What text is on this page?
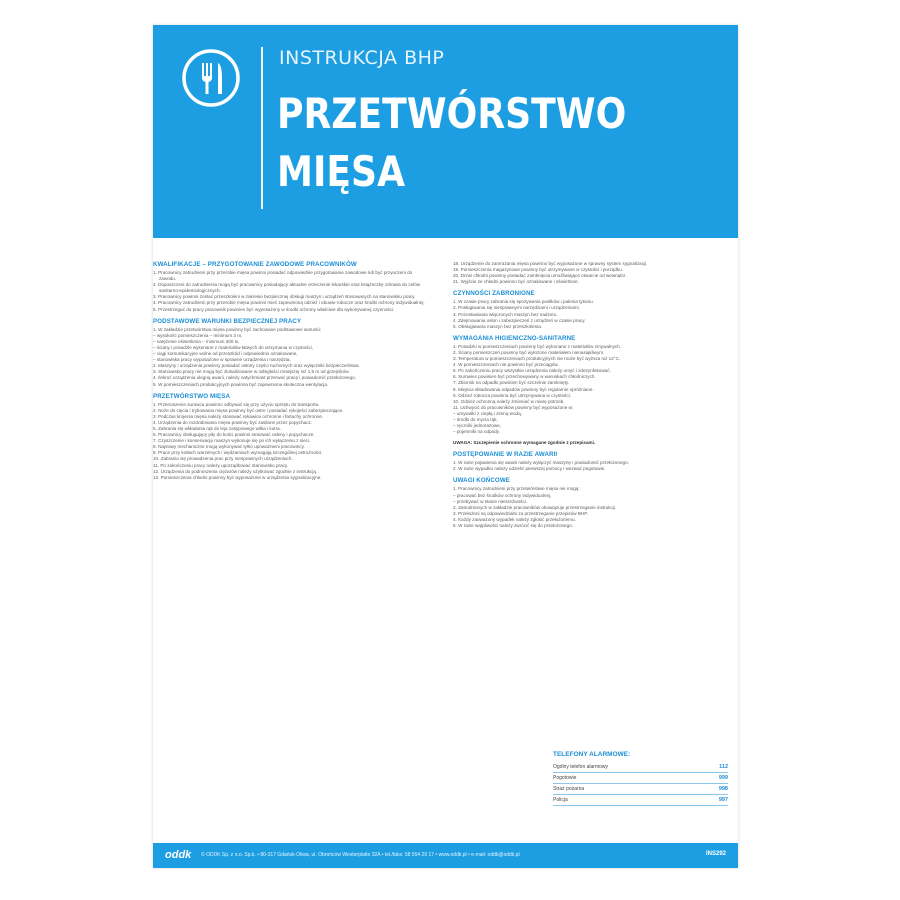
INSTRUKCJA BHP
PRZETWÓRSTWO
MIĘSA
KWALIFIKACJE – PRZYGOTOWANIE ZAWODOWE PRACOWNIKÓW
1. Pracownicy zatrudnieni przy przerobie mięsa powinni posiadać odpowiednie przygotowanie zawodowe lub być przyuczeni do zawodu.
2. Dopuszczeni do zatrudnienia mogą być pracownicy posiadający aktualne orzeczenie lekarskie oraz książeczkę zdrowia do celów sanitarno-epidemiologicznych.
3. Pracownicy powinni zostać przeszkoleni w zakresie bezpiecznej obsługi maszyn i urządzeń stosowanych na stanowisku pracy.
4. Pracownicy zatrudnieni przy przerobie mięsa powinni mieć zapewnioną odzież i obuwie robocze oraz środki ochrony indywidualnej.
5. Przestrzegać do pracy pracownik powinien być wyposażony w środki ochrony właściwe dla wykonywanej czynności.
PODSTAWOWE WARUNKI BEZPIECZNEJ PRACY
1. W zakładzie przetwórstwa mięsa powinny być zachowane podstawowe warunki:
– wysokość pomieszczenia – minimum 3 m,
– natężenie oświetlenia – minimum 300 lx,
– ściany i posadzki wykonane z materiałów łatwych do utrzymania w czystości,
– ciągi komunikacyjne wolne od przeszkód i odpowiednio oznakowane,
– stanowiska pracy wyposażone w sprawne urządzenia i narzędzia.
2. Maszyny i urządzenia powinny posiadać osłony części ruchomych oraz wyłączniki bezpieczeństwa.
3. Stanowisko pracy nie mogą być zlokalizowane w odległości mniejszej niż 1,5 m od grzejników.
4. Ilekroć urządzenia ulegną awarii, należy natychmiast przerwać pracę i powiadomić przełożonego.
5. W pomieszczeniach produkcyjnych powinna być zapewniona skuteczna wentylacja.
PRZETWÓRSTWO MIĘSA
1. Przenoszenie surowca powinno odbywać się przy użyciu sprzętu do transportu.
2. Noże do cięcia i trybowania mięsa powinny być ostre i posiadać rękojeści zabezpieczające.
3. Podczas krojenia mięsa należy stosować rękawice ochronne i fartuchy ochronne.
4. Urządzenia do rozdrabniania mięsa powinny być zasilane przez popychacz.
5. Zabrania się wkładania rąk do leja zasypowego wilka i kutra.
6. Pracownicy obsługujący piły do kości powinni stosować osłony i popychacze.
7. Czyszczenie i konserwację maszyn wykonuje się po ich wyłączeniu z sieci.
8. Naprawy mechaniczne mogą wykonywać tylko upoważnieni pracownicy.
9. Prace przy kotłach warzelnych i wędzarniach wymagają szczególnej ostrożności.
10. Zabrania się prowadzenia prac przy niesprawnych urządzeniach.
11. Po zakończeniu pracy należy uporządkować stanowisko pracy.
12. Urządzenia do podnoszenia ciężarów należy użytkować zgodnie z instrukcją.
13. Pomieszczenia chłodni powinny być wyposażone w urządzenia sygnalizacyjne.
18. Urządzenie do zamrażania mięsa powinno być wyposażone w sprawny system sygnalizacji.
19. Pomieszczenia magazynowe powinny być utrzymywane w czystości i porządku.
20. Drzwi chłodni powinny posiadać zamknięcia umożliwiające otwarcie od wewnątrz.
21. Wyjście ze chłodni powinno być oznakowane i oświetlone.
CZYNNOŚCI ZABRONIONE
1. W czasie pracy zabrania się spożywania posiłków i palenia tytoniu.
2. Posługiwania się niesprawnymi narzędziami i urządzeniami.
3. Pozostawiania włączonych maszyn bez nadzoru.
4. Zdejmowania osłon i zabezpieczeń z urządzeń w czasie pracy.
5. Obsługiwania maszyn bez przeszkolenia.
WYMAGANIA HIGIENICZNO-SANITARNE
1. Posadzki w pomieszczeniach powinny być wykonane z materiałów zmywalnych.
2. Ściany pomieszczeń powinny być wyłożone materiałem nienasiąkliwym.
3. Temperatura w pomieszczeniach produkcyjnych nie może być wyższa niż 12°C.
4. W pomieszczeniach nie powinno być przeciągów.
5. Po zakończeniu pracy wszystkie urządzenia należy umyć i zdezynfekować.
6. Surowiec powinien być przechowywany w warunkach chłodniczych.
7. Zbiornik na odpadki powinien być szczelnie zamknięty.
8. Miejsca składowania odpadów powinny być regularnie opróżniane.
9. Odzież robocza powinna być utrzymywana w czystości.
10. Odzież ochronną należy zmieniać w miarę potrzeb.
11. Uchwycić do pracowników powinny być wyposażone w:
– umywalki z ciepłą i zimną wodą,
– środki do mycia rąk,
– ręczniki jednorazowe,
– pojemniki na odpady.
UWAGA: Szczepienie ochronne wymagane zgodnie z przepisami.
POSTĘPOWANIE W RAZIE AWARII
1. W razie pojawienia się awarii należy wyłączyć maszynę i powiadomić przełożonego.
2. W razie wypadku należy udzielić pierwszej pomocy i wezwać pogotowie.
UWAGI KOŃCOWE
1. Pracownicy zatrudnieni przy przetwórstwie mięsa nie mogą:
– pracować bez środków ochrony indywidualnej,
– przebywać w stanie nietrzeźwości.
2. Zatrudnionych w zakładzie pracowników obowiązuje przestrzeganie instrukcji.
3. Przełożeni są odpowiedzialni za przestrzeganie przepisów BHP.
4. Każdy zauważony wypadek należy zgłosić przełożonemu.
5. W razie wątpliwości należy zwrócić się do przełożonego.
TELEFONY ALARMOWE:
Ogólny telefon alarmowy	112
Pogotowie	999
Straż pożarna	998
Policja	997
oddk © ODDK Sp. z o.o. Sp.k. • 80-317 Gdańsk-Oliwa, ul. Obrońców Westerplatte 32A • tel./faks: 58 554 29 17 • www.oddk.pl • e-mail: oddk@oddk.pl	INS292
